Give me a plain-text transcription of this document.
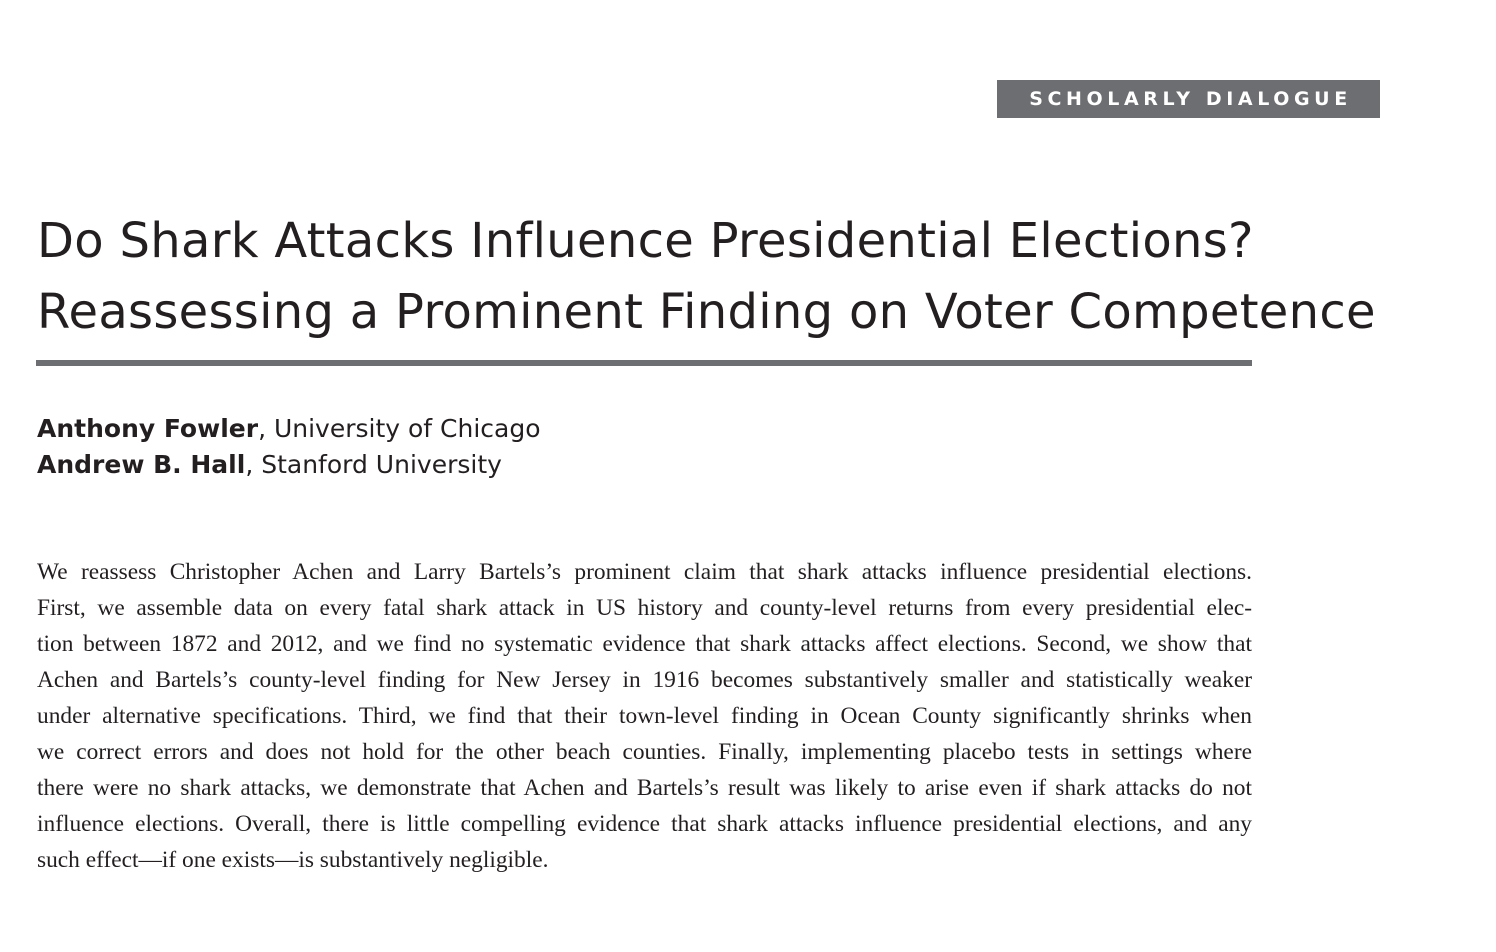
SCHOLARLY DIALOGUE
Do Shark Attacks Influence Presidential Elections?
Reassessing a Prominent Finding on Voter Competence
Anthony Fowler, University of Chicago
Andrew B. Hall, Stanford University
We reassess Christopher Achen and Larry Bartels’s prominent claim that shark attacks influence presidential elections.
First, we assemble data on every fatal shark attack in US history and county-level returns from every presidential elec-
tion between 1872 and 2012, and we find no systematic evidence that shark attacks affect elections. Second, we show that
Achen and Bartels’s county-level finding for New Jersey in 1916 becomes substantively smaller and statistically weaker
under alternative specifications. Third, we find that their town-level finding in Ocean County significantly shrinks when
we correct errors and does not hold for the other beach counties. Finally, implementing placebo tests in settings where
there were no shark attacks, we demonstrate that Achen and Bartels’s result was likely to arise even if shark attacks do not
influence elections. Overall, there is little compelling evidence that shark attacks influence presidential elections, and any
such effect—if one exists—is substantively negligible.
